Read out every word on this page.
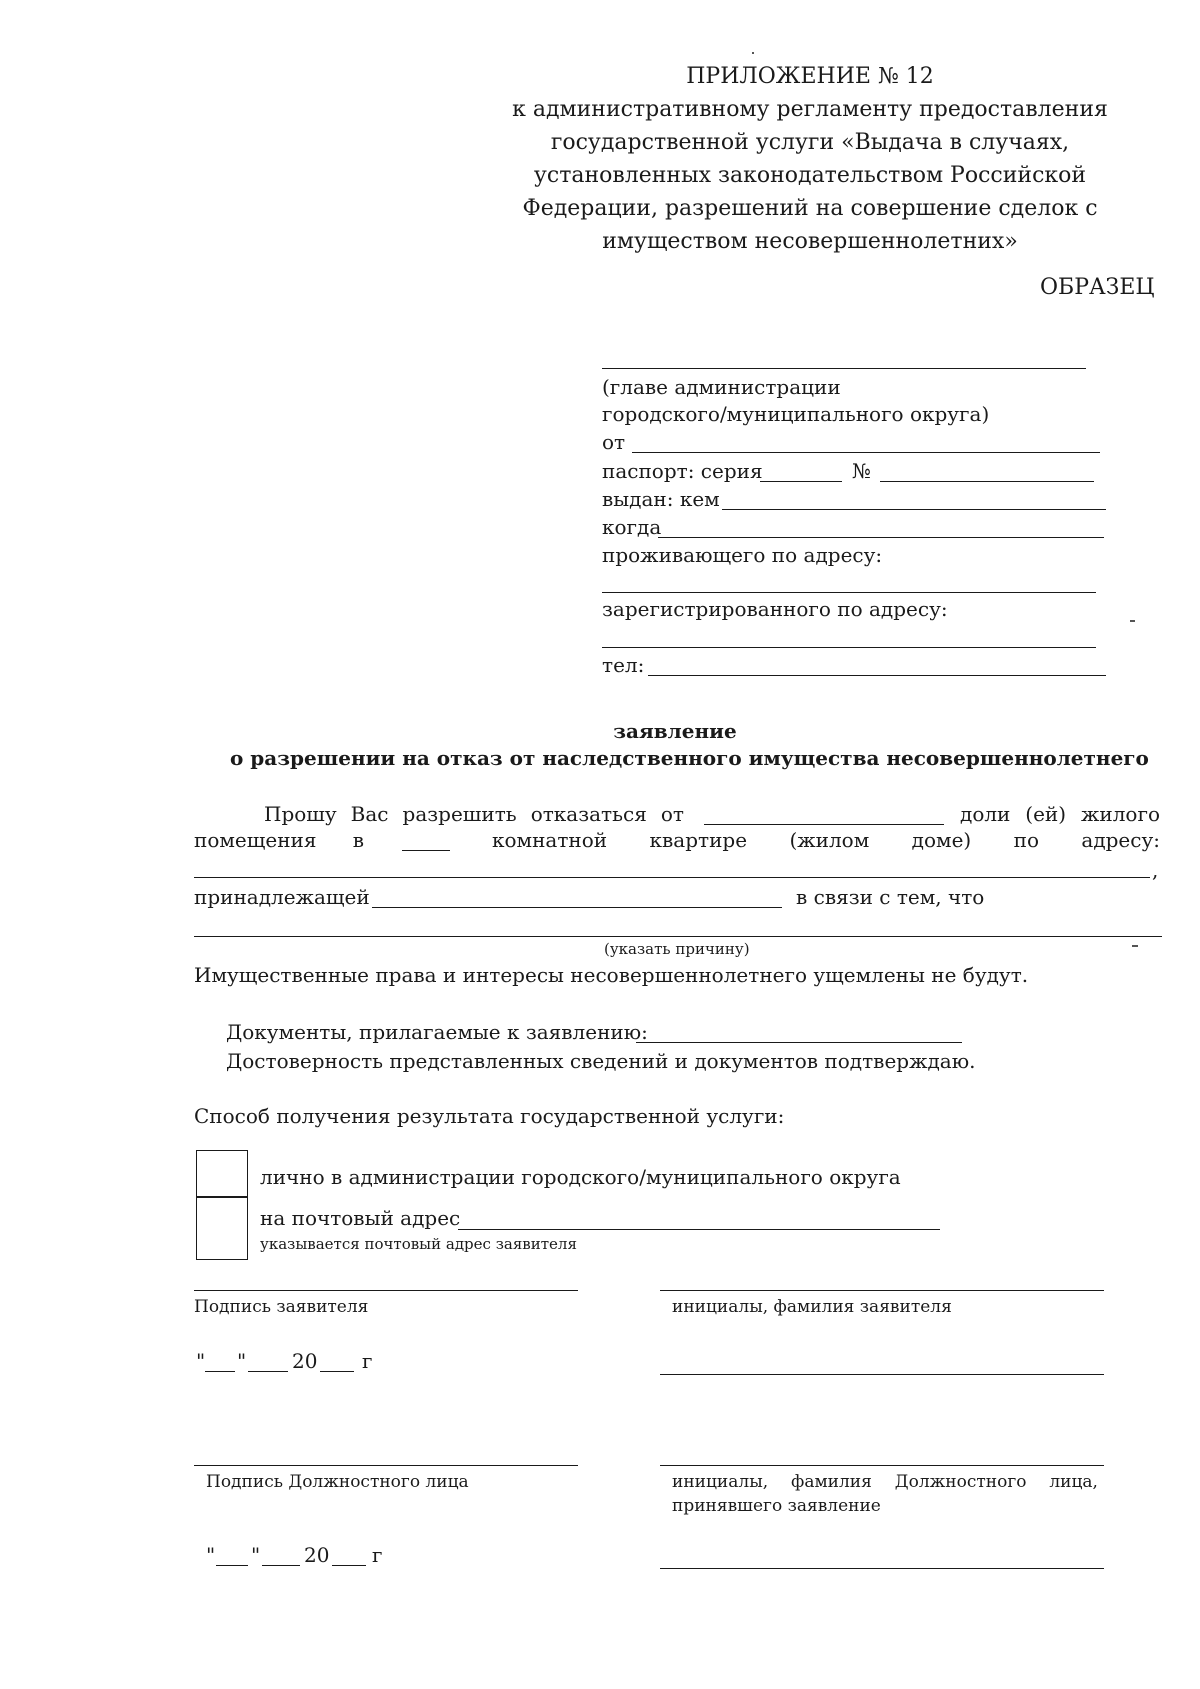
ПРИЛОЖЕНИЕ № 12
к административному регламенту предоставления
государственной услуги «Выдача в случаях,
установленных законодательством Российской
Федерации, разрешений на совершение сделок с
имуществом несовершеннолетних»
ОБРАЗЕЦ
(главе администрации
городского/муниципального округа)
от
паспорт: серия	№
выдан: кем
когда
проживающего по адресу:
зарегистрированного по адресу:
тел:
заявление
о разрешении на отказ от наследственного имущества несовершеннолетнего
Прошу Вас разрешить отказаться от	доли (ей) жилого
помещения в	комнатной квартире (жилом доме) по адресу:
,
принадлежащей	в связи с тем, что
(указать причину)
Имущественные права и интересы несовершеннолетнего ущемлены не будут.
Документы, прилагаемые к заявлению:
Достоверность представленных сведений и документов подтверждаю.
Способ получения результата государственной услуги:
лично в администрации городского/муниципального округа
на почтовый адрес
указывается почтовый адрес заявителя
Подпись заявителя	инициалы, фамилия заявителя
" " 20 г
Подпись Должностного лица	инициалы, фамилия Должностного лица,
принявшего заявление
" " 20 г
